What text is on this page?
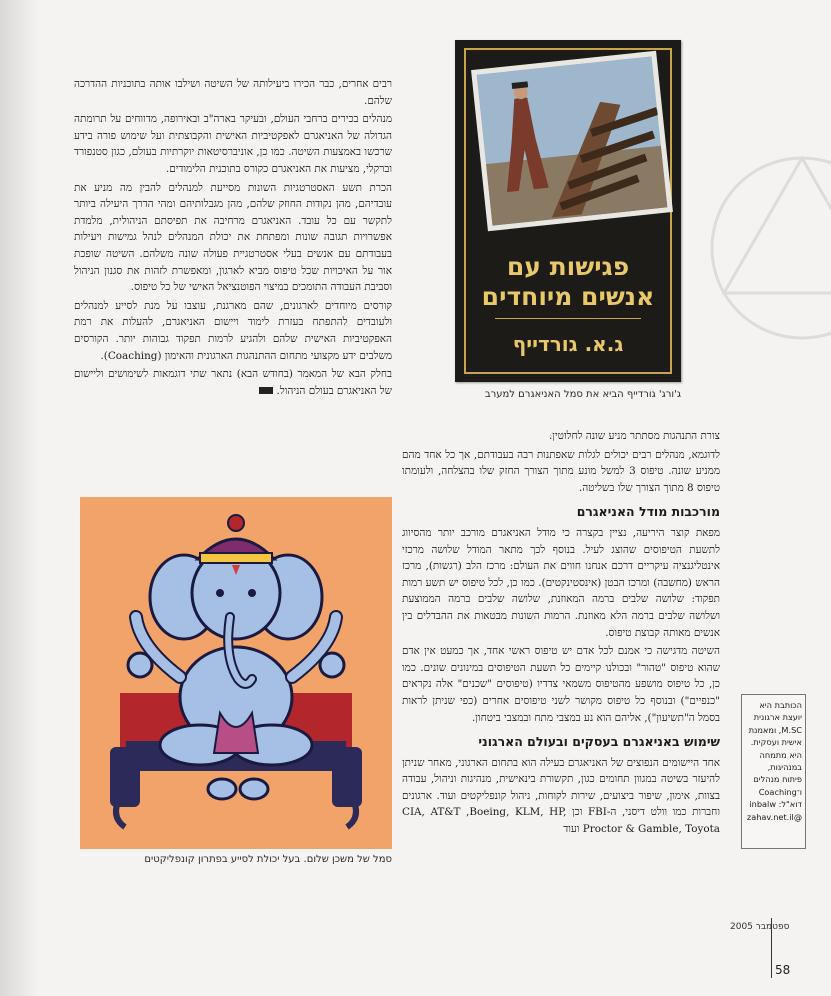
רבים אחרים, כבר הכירו ביעילותה של השיטה ושילבו אותה בתוכניות ההדרכה שלהם.

מנהלים בכירים ברחבי העולם, ובעיקר בארה"ב ובאירופה, מדווחים על תרומתה הגדולה של האניאגרם לאפקטיביות האישית והקבוצתית ועל שימוש פורה בידע שרכשו באמצעות השיטה. כמו כן, אוניברסיטאות יוקרתיות בעולם, כגון סטנפורד וברקלי, מציעות את האניאגרם כקורס בתוכנית הלימודים.

הכרת תשע האסטרטגיות השונות מסייעת למנהלים להבין מה מניע את עובדיהם, מהן נקודות החוזק שלהם, מהן מגבלותיהם ומהי הדרך היעילה ביותר לתקשר עם כל עובד. האניאגרם מרחיבה את תפיסתם הניהולית, מלמדת אפשרויות תגובה שונות ומפתחת את יכולת המנהלים לנהל גמישות ויעילות בעבודתם עם אנשים בעלי אסטרטגיית פעולה שונה משלהם. השיטה שופכת אור על האיכויות שכל טיפוס מביא לארגון, ומאפשרת לזהות את סגנון הניהול וסביבת העבודה התומכים במיצוי הפוטנציאל האישי של כל טיפוס.

קורסים מיוחדים לארגונים, שהם מארגנת, עוצבו על מנת לסייע למנהלים ולעובדים להתפתח בעזרת לימוד ויישום האניאגרם, להעלות את רמת האפקטיביות האישית שלהם ולהגיע לרמות תפקוד גבוהות יותר. הקורסים משלבים ידע מקצועי מתחום ההתנהגות הארגונית והאימון (Coaching).

בחלק הבא של המאמר (בחודש הבא) נתאר שתי דוגמאות לשימושים וליישום של האניאגרם בעולם הניהול.

פגישות עם
אנשים מיוחדים
ג.א. גורדייף
ג'ורג' גורדייף הביא את סמל האניאגרם למערב

צורת התנהגות מסתתר מניע שונה לחלוטין.

לדוגמא, מנהלים רבים יכולים לגלות שאפתנות רבה בעבודתם, אך כל אחד מהם ממניע שונה. טיפוס 3 למשל מונע מתוך הצורך החזק שלו בהצלחה, ולעומתו טיפוס 8 מתוך הצורך שלו בשליטה.

מורכבות מודל האניאגרם

מפאת קוצר היריעה, נציין בקצרה כי מודל האניאגרם מורכב יותר מהסיווג לתשעת הטיפוסים שהוצג לעיל. בנוסף לכך מתאר המודל שלושה מרכזי אינטליגנציה עיקריים דרכם אנחנו חווים את העולם: מרכז הלב (רגשות), מרכז הראש (מחשבה) ומרכז הבטן (אינסטינקטים). כמו כן, לכל טיפוס יש תשע רמות תפקוד: שלושה שלבים ברמה המאוזנת, שלושה שלבים ברמה הממוצעת ושלושה שלבים ברמה הלא מאוזנת. הרמות השונות מבטאות את ההבדלים בין אנשים מאותה קבוצת טיפוס.

השיטה מדגישה כי אמנם לכל אדם יש טיפוס ראשי אחד, אך כמעט אין אדם שהוא טיפוס "טהור" ובכולנו קיימים כל תשעת הטיפוסים במינונים שונים. כמו כן, כל טיפוס מושפע מהטיפוס משמאי צדדיו (טיפוסים "שכנים" אלה נקראים "כנפיים") ובנוסף כל טיפוס מקושר לשני טיפוסים אחרים (כפי שניתן לראות בסמל ה"תשיעון"), אליהם הוא נע במצבי מתח ובמצבי ביטחון.

שימוש באניאגרם בעסקים ובעולם הארגוני

אחד היישומים הנפוצים של האניאגרם בעילה הוא בתחום הארגוני, מאחר שניתן להיעזר בשיטה במגוון תחומים כגון, תקשורת בינאישית, מנהיגות וניהול, עבודה בצוות, אימון, שיפור ביצועים, שירות לקוחות, ניהול קונפליקטים ועוד. ארגונים וחברות כמו וולט דיסני, ה-FBI וכן CIA, AT&T ,Boeing, KLM, HP, Proctor & Gamble, Toyota ועוד

סמל של משכן שלום. בעל יכולת לסייע בפתרון קונפליקטים
הכותבת היא
יועצת ארגונית
M.SC, ומאמנת
אישית ועסקית.
היא מתמחה
במנהיגות,
פיתוח מנהלים
ו־Coaching
דוא"ל: inbalw
@zahav.net.il
ספטמבר 2005
58
